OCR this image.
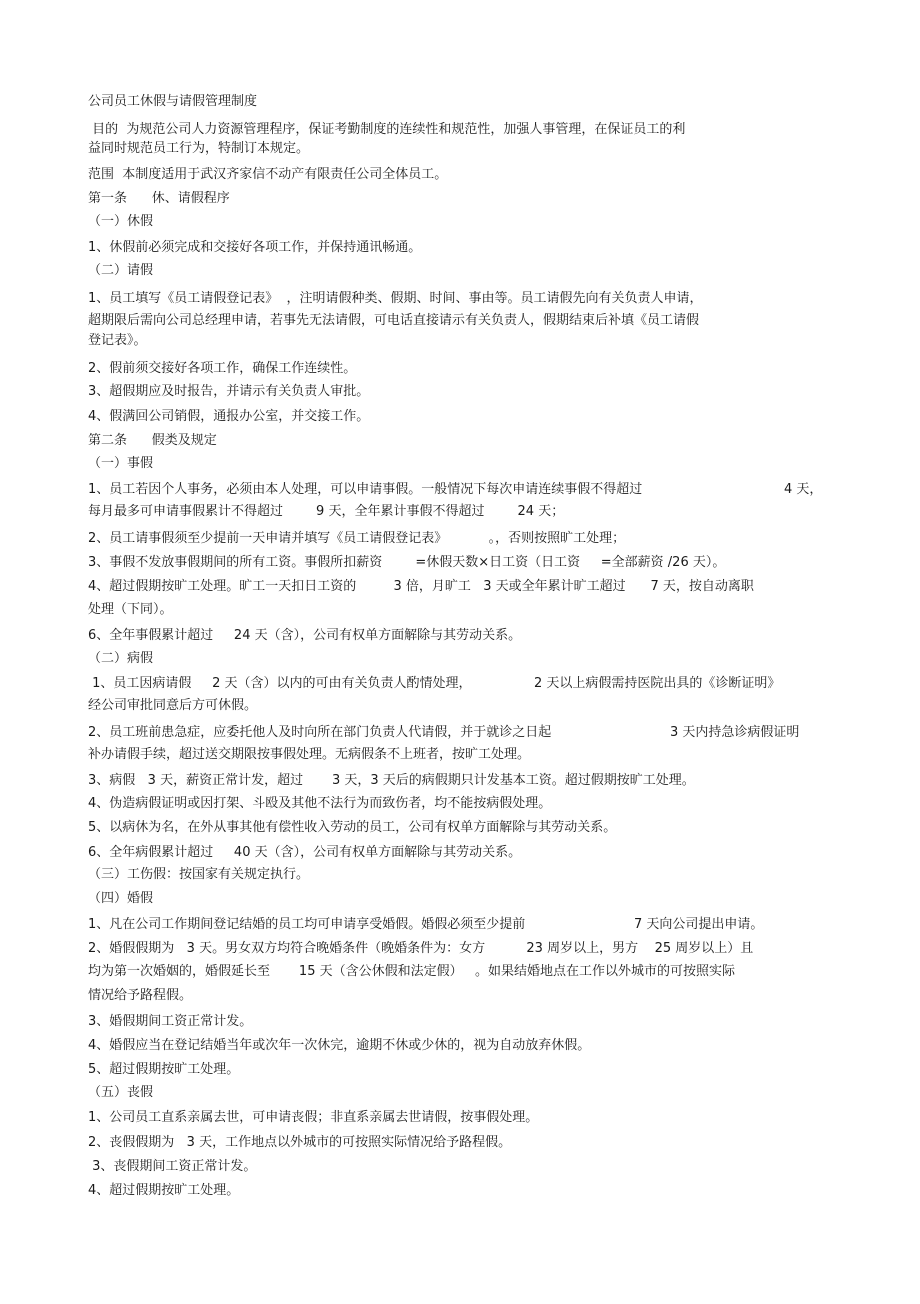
公司员工休假与请假管理制度
目的  为规范公司人力资源管理程序，保证考勤制度的连续性和规范性，加强人事管理，在保证员工的利
益同时规范员工行为，特制订本规定。
范围  本制度适用于武汉齐家信不动产有限责任公司全体员工。
第一条      休、请假程序
（一）休假
1、休假前必须完成和交接好各项工作，并保持通讯畅通。
（二）请假
1、员工填写《员工请假登记表》  ，注明请假种类、假期、时间、事由等。员工请假先向有关负责人申请，
超期限后需向公司总经理申请，若事先无法请假，可电话直接请示有关负责人，假期结束后补填《员工请假
登记表》。
2、假前须交接好各项工作，确保工作连续性。
3、超假期应及时报告，并请示有关负责人审批。
4、假满回公司销假，通报办公室，并交接工作。
第二条      假类及规定
（一）事假
1、员工若因个人事务，必须由本人处理，可以申请事假。一般情况下每次申请连续事假不得超过	4 天，
每月最多可申请事假累计不得超过        9 天，全年累计事假不得超过        24 天；
2、员工请事假须至少提前一天申请并填写《员工请假登记表》          。，否则按照旷工处理；
3、事假不发放事假期间的所有工资。事假所扣薪资        =休假天数×日工资（日工资     =全部薪资 /26 天）。
4、超过假期按旷工处理。旷工一天扣日工资的         3 倍，月旷工   3 天或全年累计旷工超过      7 天，按自动离职
处理（下同）。
6、全年事假累计超过     24 天（含），公司有权单方面解除与其劳动关系。
（二）病假
1、员工因病请假     2 天（含）以内的可由有关负责人酌情处理，	2 天以上病假需持医院出具的《诊断证明》
经公司审批同意后方可休假。
2、员工班前患急症，应委托他人及时向所在部门负责人代请假，并于就诊之日起	3 天内持急诊病假证明
补办请假手续，超过送交期限按事假处理。无病假条不上班者，按旷工处理。
3、病假   3 天，薪资正常计发，超过       3 天，3 天后的病假期只计发基本工资。超过假期按旷工处理。
4、伪造病假证明或因打架、斗殴及其他不法行为而致伤者，均不能按病假处理。
5、以病休为名，在外从事其他有偿性收入劳动的员工，公司有权单方面解除与其劳动关系。
6、全年病假累计超过     40 天（含），公司有权单方面解除与其劳动关系。
（三）工伤假：按国家有关规定执行。
（四）婚假
1、凡在公司工作期间登记结婚的员工均可申请享受婚假。婚假必须至少提前	7 天向公司提出申请。
2、婚假假期为   3 天。男女双方均符合晚婚条件（晚婚条件为：女方          23 周岁以上，男方    25 周岁以上）且
均为第一次婚姻的，婚假延长至       15 天（含公休假和法定假）   。如果结婚地点在工作以外城市的可按照实际
情况给予路程假。
3、婚假期间工资正常计发。
4、婚假应当在登记结婚当年或次年一次休完，逾期不休或少休的，视为自动放弃休假。
5、超过假期按旷工处理。
（五）丧假
1、公司员工直系亲属去世，可申请丧假；非直系亲属去世请假，按事假处理。
2、丧假假期为   3 天，工作地点以外城市的可按照实际情况给予路程假。
3、丧假期间工资正常计发。
4、超过假期按旷工处理。
